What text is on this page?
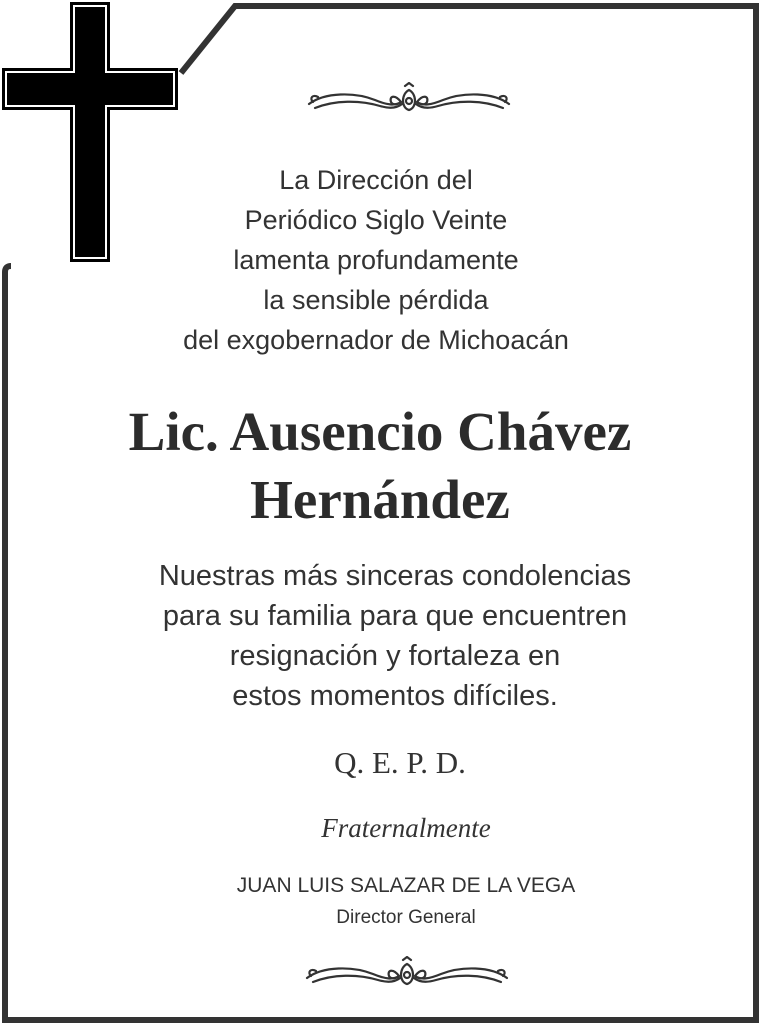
La Dirección del
Periódico Siglo Veinte
lamenta profundamente
la sensible pérdida
del exgobernador de Michoacán
Lic. Ausencio Chávez
Hernández
Nuestras más sinceras condolencias
para su familia para que encuentren
resignación y fortaleza en
estos momentos difíciles.
Q. E. P. D.
Fraternalmente
JUAN LUIS SALAZAR DE LA VEGA
Director General
